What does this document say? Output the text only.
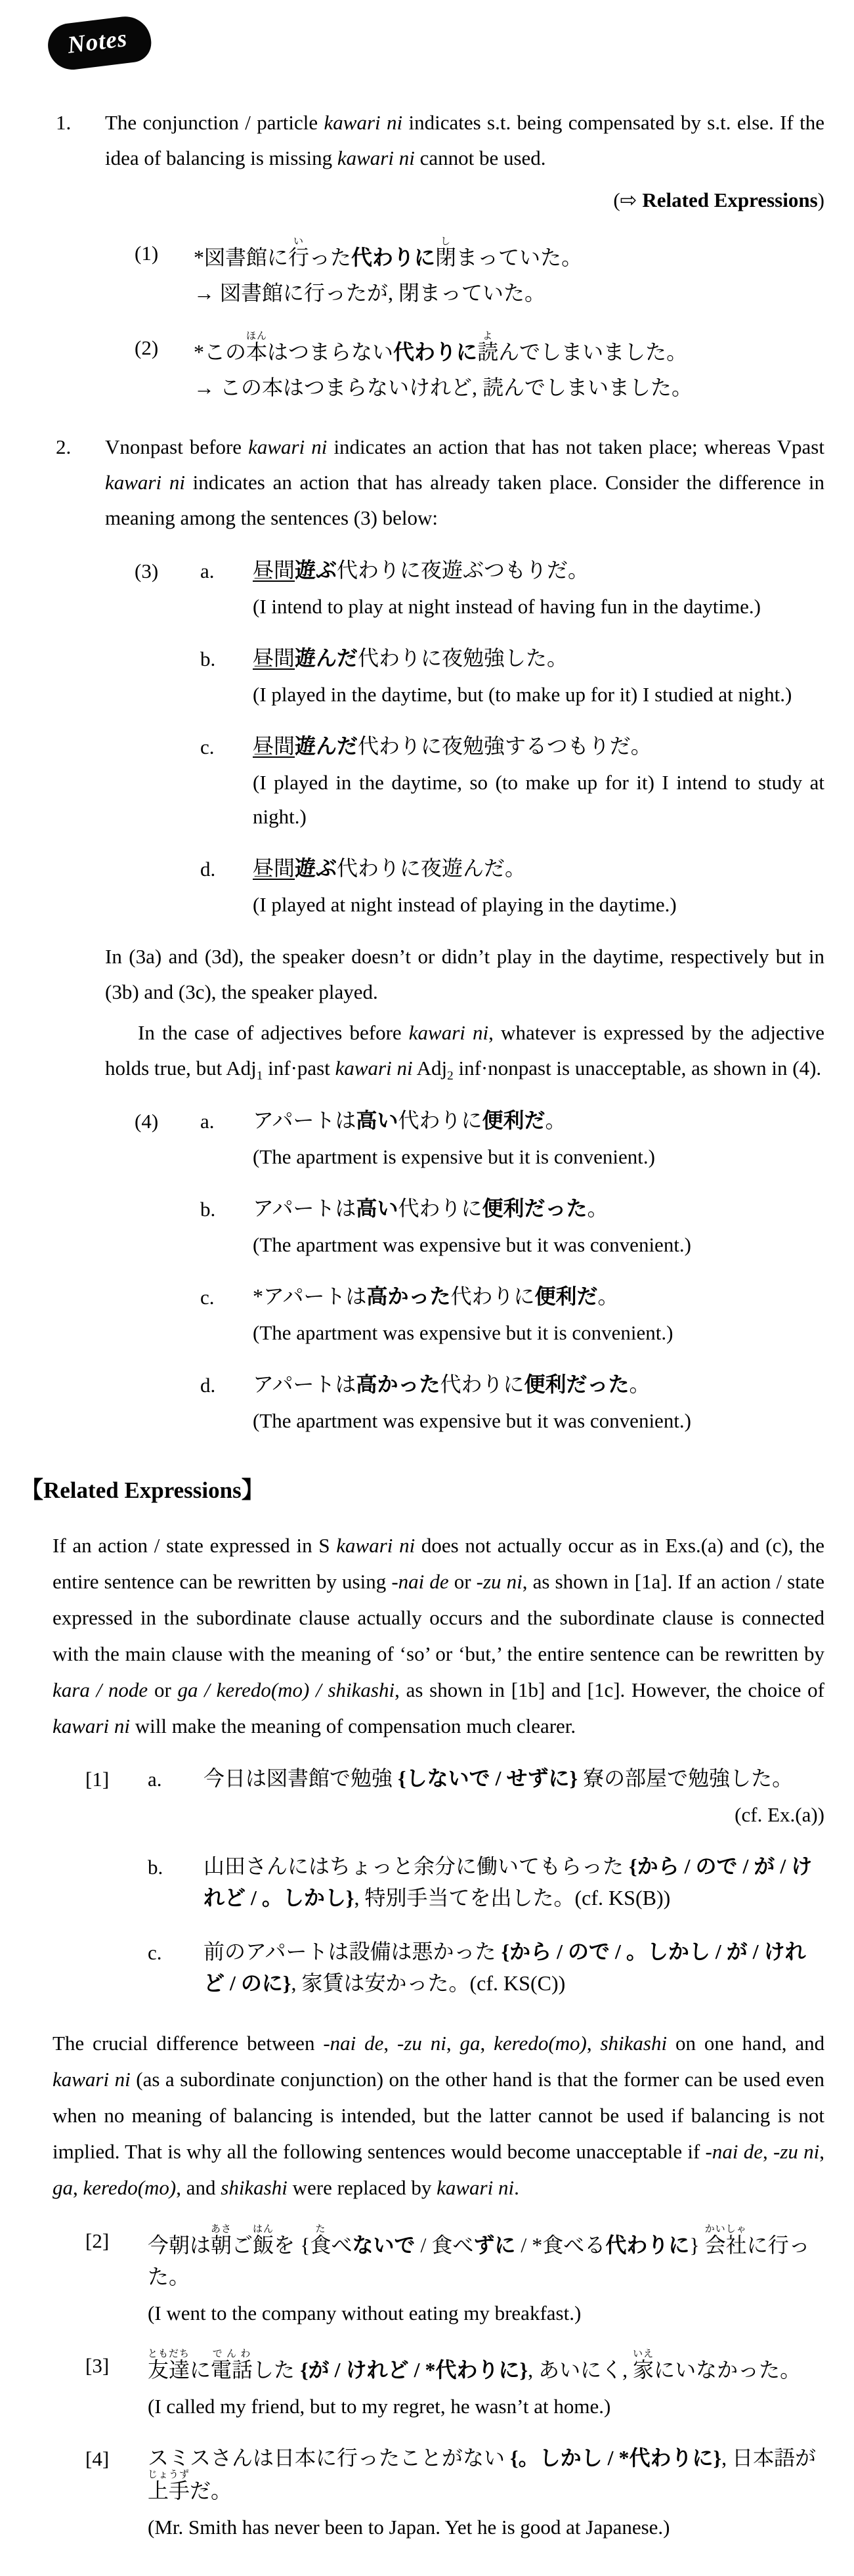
Notes
1.	The conjunction / particle kawari ni indicates s.t. being compensated by s.t. else. If the idea of balancing is missing kawari ni cannot be used.
(⇨ Related Expressions)
(1)	*図書館に行いった代わりに閉しまっていた。
→ 図書館に行ったが, 閉まっていた。
(2)	*この本ほんはつまらない代わりに読よんでしまいました。
→ この本はつまらないけれど, 読んでしまいました。
2.	Vnonpast before kawari ni indicates an action that has not taken place; whereas Vpast kawari ni indicates an action that has already taken place. Consider the difference in meaning among the sentences (3) below:
(3)	a.	昼間遊ぶ代わりに夜遊ぶつもりだ。
(I intend to play at night instead of having fun in the daytime.)
b.	昼間遊んだ代わりに夜勉強した。
(I played in the daytime, but (to make up for it) I studied at night.)
c.	昼間遊んだ代わりに夜勉強するつもりだ。
(I played in the daytime, so (to make up for it) I intend to study at night.)
d.	昼間遊ぶ代わりに夜遊んだ。
(I played at night instead of playing in the daytime.)
In (3a) and (3d), the speaker doesn’t or didn’t play in the daytime, respectively but in (3b) and (3c), the speaker played.
In the case of adjectives before kawari ni, whatever is expressed by the adjective holds true, but Adj$_1$ inf·past kawari ni Adj$_2$ inf·nonpast is unacceptable, as shown in (4).
(4)	a.	アパートは高い代わりに便利だ。
(The apartment is expensive but it is convenient.)
b.	アパートは高い代わりに便利だった。
(The apartment was expensive but it was convenient.)
c.	*アパートは高かった代わりに便利だ。
(The apartment was expensive but it is convenient.)
d.	アパートは高かった代わりに便利だった。
(The apartment was expensive but it was convenient.)
【Related Expressions】
If an action / state expressed in S kawari ni does not actually occur as in Exs.(a) and (c), the entire sentence can be rewritten by using -nai de or -zu ni, as shown in [1a]. If an action / state expressed in the subordinate clause actually occurs and the subordinate clause is connected with the main clause with the meaning of ‘so’ or ‘but,’ the entire sentence can be rewritten by kara / node or ga / keredo(mo) / shikashi, as shown in [1b] and [1c]. However, the choice of kawari ni will make the meaning of compensation much clearer.
[1]	a.	今日は図書館で勉強 {しないで / せずに} 寮の部屋で勉強した。
(cf. Ex.(a))
b.	山田さんにはちょっと余分に働いてもらった {から / ので / が / けれど / 。しかし}, 特別手当てを出した。(cf. KS(B))
c.	前のアパートは設備は悪かった {から / ので / 。しかし / が / けれど / のに}, 家賃は安かった。(cf. KS(C))
The crucial difference between -nai de, -zu ni, ga, keredo(mo), shikashi on one hand, and kawari ni (as a subordinate conjunction) on the other hand is that the former can be used even when no meaning of balancing is intended, but the latter cannot be used if balancing is not implied. That is why all the following sentences would become unacceptable if -nai de, -zu ni, ga, keredo(mo), and shikashi were replaced by kawari ni.
[2]	今朝は朝あさご飯はんを {食たべないで / 食べずに / *食べる代わりに} 会社かいしゃに行った。
(I went to the company without eating my breakfast.)
[3]	友達ともだちに電話でんわした {が / けれど / *代わりに}, あいにく, 家いえにいなかった。
(I called my friend, but to my regret, he wasn’t at home.)
[4]	スミスさんは日本に行ったことがない {。しかし / *代わりに}, 日本語が上手じょうずだ。
(Mr. Smith has never been to Japan. Yet he is good at Japanese.)
